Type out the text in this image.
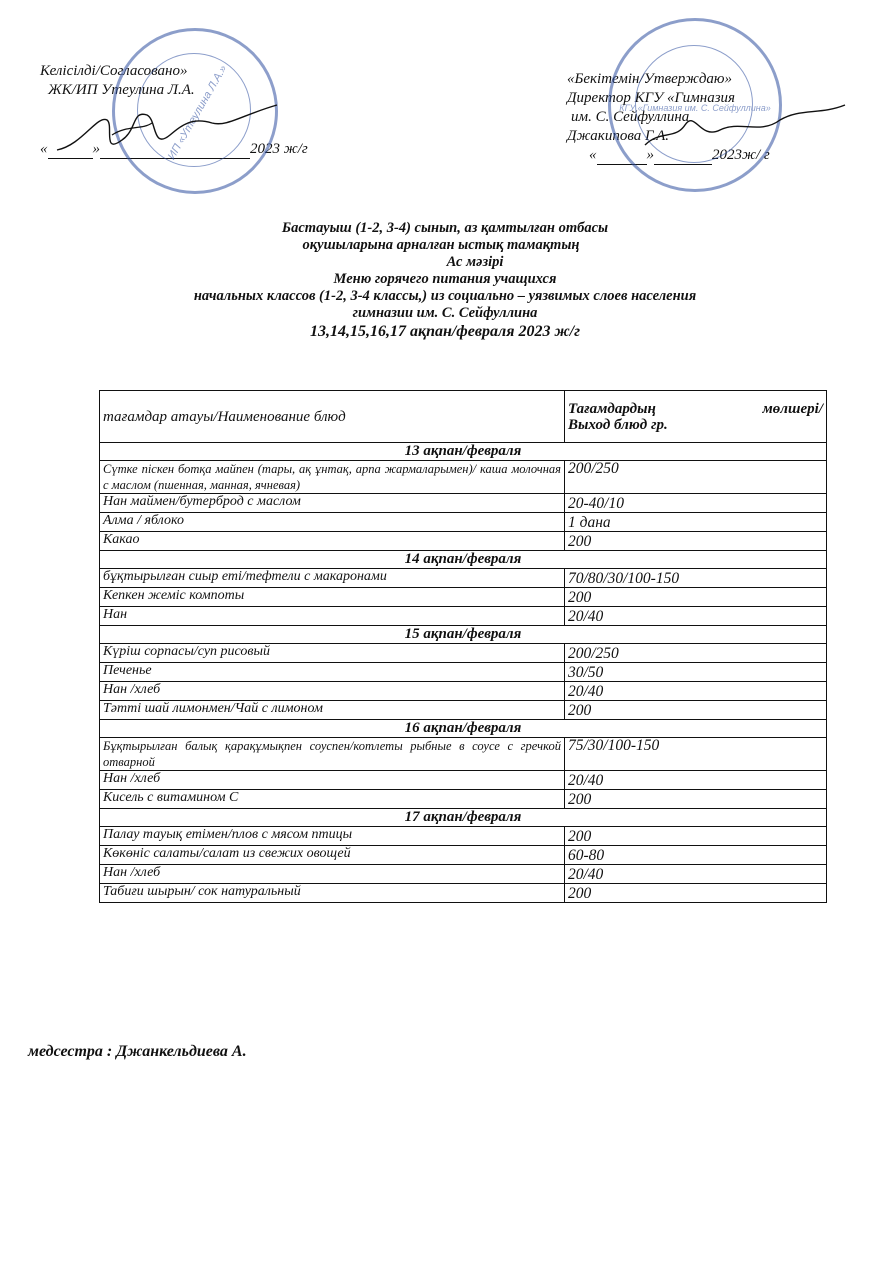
Келісілді/Согласовано»
ЖК/ИП Утеулина Л.А.
«	»	2023 ж/г
ИП «Утеулина Л.А.»	«Бекітемін/Утверждаю»
Директор КГУ «Гимназия
им. С. Сейфуллина
Джакипова Г.А.
«	»	2023ж/ г
КГУ «Гимназия им. С. Сейфуллина»
Бастауыш (1-2, 3-4) сынып, аз қамтылған отбасы
оқушыларына арналған ыстық тамақтың
Ас мәзірі
Меню горячего питания учащихся
начальных классов (1-2, 3-4 классы,) из социально – уязвимых слоев населения
гимназии им. С. Сейфуллина
13,14,15,16,17 ақпан/февраля 2023 ж/г
тағамдар атауы/Наименование блюд	Тағамдардың мөлшері/
Выход блюд гр.

13 ақпан/февраля	
Сүтке піскен ботқа майпен (тары, ақ ұнтақ, арпа жармаларымен)/ каша молочная с маслом (пшенная, манная, ячневая)	200/250
Нан маймен/бутерброд с маслом	20-40/10
Алма / яблоко	1 дана
Какао	200
14 ақпан/февраля	
бұқтырылған сиыр еті/тефтели с макаронами	70/80/30/100-150
Кепкен жеміс компоты	200
Нан	20/40
15 ақпан/февраля	
Күріш сорпасы/суп рисовый	200/250
Печенье	30/50
Нан /хлеб	20/40
Тәтті шай лимонмен/Чай с лимоном	200
16 ақпан/февраля	
Бұқтырылған балық қарақұмықпен соуспен/котлеты рыбные в соусе с гречкой отварной	75/30/100-150
Нан /хлеб	20/40
Кисель с витамином С	200
17 ақпан/февраля	
Палау тауық етімен/плов с мясом птицы	200
Көкөніс салаты/салат из свежих овощей	60-80
Нан /хлеб	20/40
Табиғи шырын/ сок натуральный	200
медсестра : Джанкельдиева А.
